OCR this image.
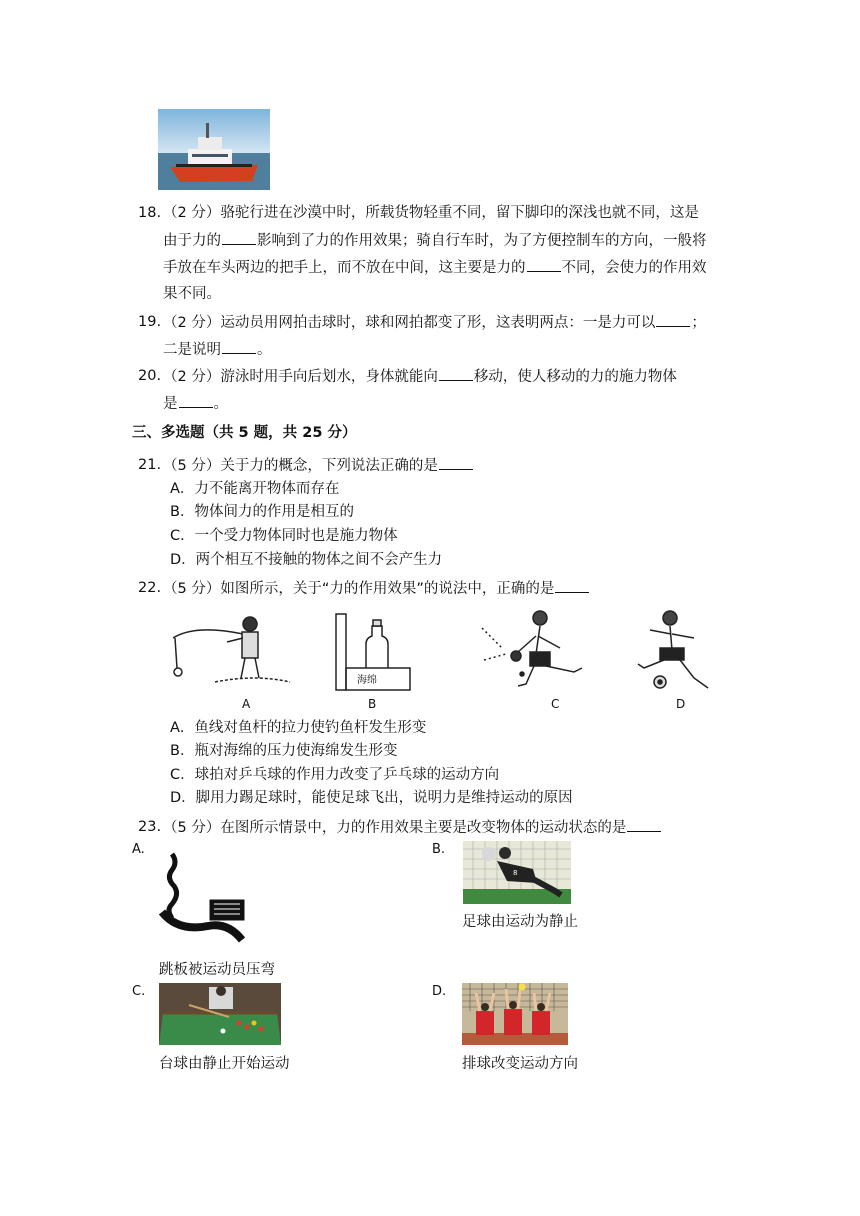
18. （2 分）骆驼行进在沙漠中时，所载货物轻重不同，留下脚印的深浅也就不同，这是
由于力的 影响到了力的作用效果；骑自行车时，为了方便控制车的方向，一般将
手放在车头两边的把手上，而不放在中间，这主要是力的 不同，会使力的作用效
果不同。
19. （2 分）运动员用网拍击球时，球和网拍都变了形，这表明两点：一是力可以 ；
二是说明 。
20. （2 分）游泳时用手向后划水，身体就能向 移动，使人移动的力的施力物体
是 。
三、多选题（共 5 题，共 25 分）
21. （5 分）关于力的概念，下列说法正确的是
A．力不能离开物体而存在
B．物体间力的作用是相互的
C．一个受力物体同时也是施力物体
D．两个相互不接触的物体之间不会产生力
22. （5 分）如图所示，关于“力的作用效果”的说法中，正确的是
海绵
A	B	C	D
A．鱼线对鱼杆的拉力使钓鱼杆发生形变
B．瓶对海绵的压力使海绵发生形变
C．球拍对乒乓球的作用力改变了乒乓球的运动方向
D．脚用力踢足球时，能使足球飞出，说明力是维持运动的原因
23. （5 分）在图所示情景中，力的作用效果主要是改变物体的运动状态的是
A.
跳板被运动员压弯
B.
8
足球由运动为静止
C.
台球由静止开始运动
D.
排球改变运动方向
